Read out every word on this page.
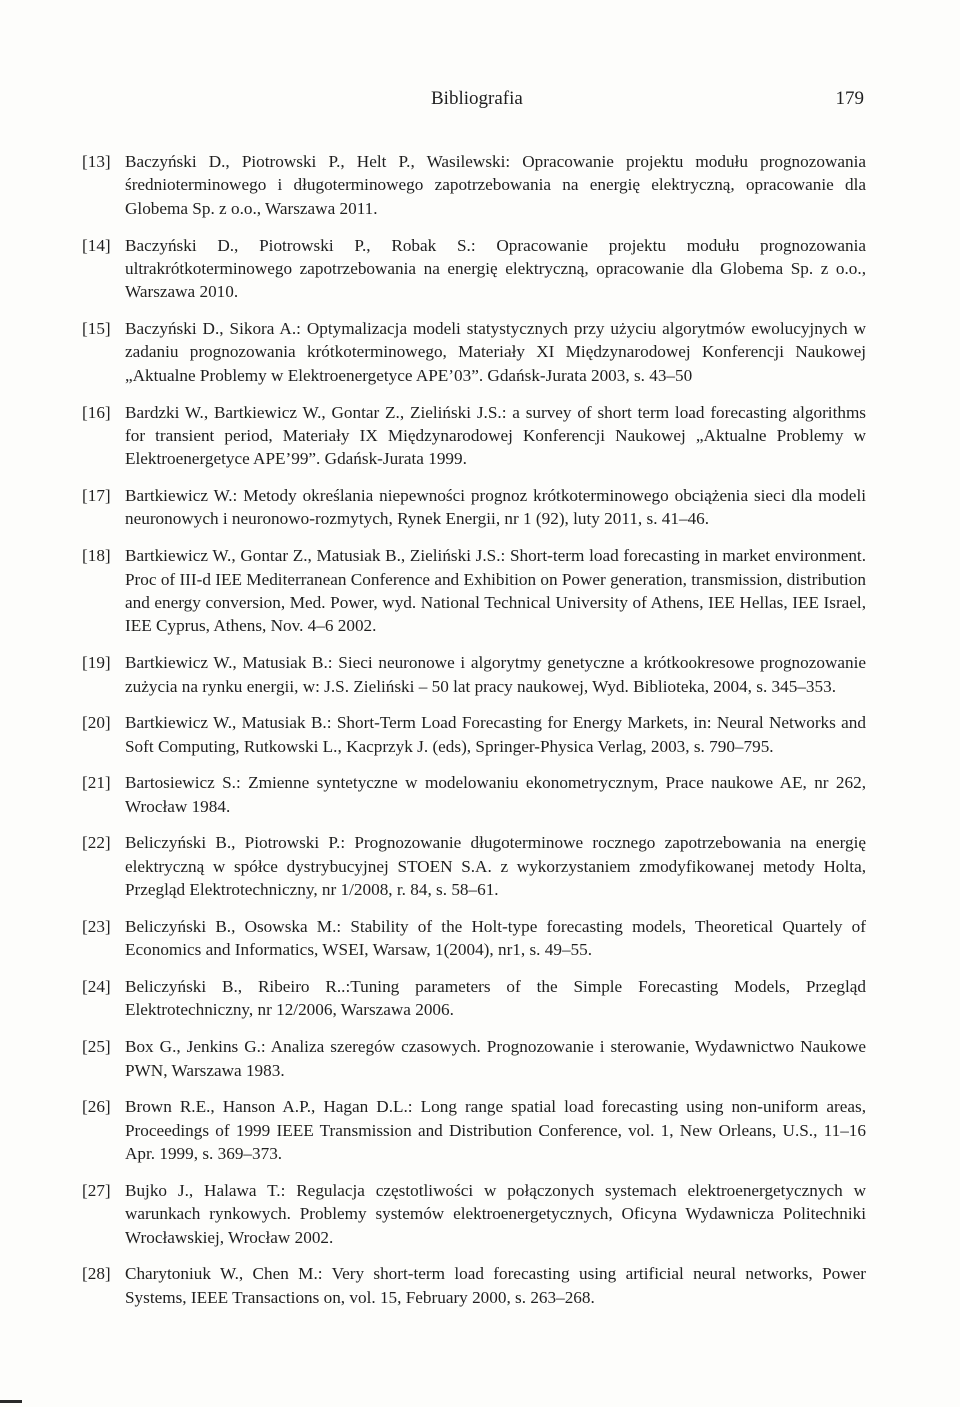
Bibliografia	179
[13] Baczyński D., Piotrowski P., Helt P., Wasilewski: Opracowanie projektu modułu prognozowania średnioterminowego i długoterminowego zapotrzebowania na energię elektryczną, opracowanie dla Globema Sp. z o.o., Warszawa 2011.
[14] Baczyński D., Piotrowski P., Robak S.: Opracowanie projektu modułu prognozowania ultrakrótkoterminowego zapotrzebowania na energię elektryczną, opracowanie dla Globema Sp. z o.o., Warszawa 2010.
[15] Baczyński D., Sikora A.: Optymalizacja modeli statystycznych przy użyciu algorytmów ewolucyjnych w zadaniu prognozowania krótkoterminowego, Materiały XI Międzynarodowej Konferencji Naukowej „Aktualne Problemy w Elektroenergetyce APE’03”. Gdańsk-Jurata 2003, s. 43–50
[16] Bardzki W., Bartkiewicz W., Gontar Z., Zieliński J.S.: a survey of short term load forecasting algorithms for transient period, Materiały IX Międzynarodowej Konferencji Naukowej „Aktualne Problemy w Elektroenergetyce APE’99”. Gdańsk-Jurata 1999.
[17] Bartkiewicz W.: Metody określania niepewności prognoz krótkoterminowego obciążenia sieci dla modeli neuronowych i neuronowo-rozmytych, Rynek Energii, nr 1 (92), luty 2011, s. 41–46.
[18] Bartkiewicz W., Gontar Z., Matusiak B., Zieliński J.S.: Short-term load forecasting in market environment. Proc of III-d IEE Mediterranean Conference and Exhibition on Power generation, transmission, distribution and energy conversion, Med. Power, wyd. National Technical University of Athens, IEE Hellas, IEE Israel, IEE Cyprus, Athens, Nov. 4–6 2002.
[19] Bartkiewicz W., Matusiak B.: Sieci neuronowe i algorytmy genetyczne a krótkookresowe prognozowanie zużycia na rynku energii, w: J.S. Zieliński – 50 lat pracy naukowej, Wyd. Biblioteka, 2004, s. 345–353.
[20] Bartkiewicz W., Matusiak B.: Short-Term Load Forecasting for Energy Markets, in: Neural Networks and Soft Computing, Rutkowski L., Kacprzyk J. (eds), Springer-Physica Verlag, 2003, s. 790–795.
[21] Bartosiewicz S.: Zmienne syntetyczne w modelowaniu ekonometrycznym, Prace naukowe AE, nr 262, Wrocław 1984.
[22] Beliczyński B., Piotrowski P.: Prognozowanie długoterminowe rocznego zapotrzebowania na energię elektryczną w spółce dystrybucyjnej STOEN S.A. z wykorzystaniem zmodyfikowanej metody Holta, Przegląd Elektrotechniczny, nr 1/2008, r. 84, s. 58–61.
[23] Beliczyński B., Osowska M.: Stability of the Holt-type forecasting models, Theoretical Quartely of Economics and Informatics, WSEI, Warsaw, 1(2004), nr1, s. 49–55.
[24] Beliczyński B., Ribeiro R..:Tuning parameters of the Simple Forecasting Models, Przegląd Elektrotechniczny, nr 12/2006, Warszawa 2006.
[25] Box G., Jenkins G.: Analiza szeregów czasowych. Prognozowanie i sterowanie, Wydawnictwo Naukowe PWN, Warszawa 1983.
[26] Brown R.E., Hanson A.P., Hagan D.L.: Long range spatial load forecasting using non-uniform areas, Proceedings of 1999 IEEE Transmission and Distribution Conference, vol. 1, New Orleans, U.S., 11–16 Apr. 1999, s. 369–373.
[27] Bujko J., Halawa T.: Regulacja częstotliwości w połączonych systemach elektroenergetycznych w warunkach rynkowych. Problemy systemów elektroenergetycznych, Oficyna Wydawnicza Politechniki Wrocławskiej, Wrocław 2002.
[28] Charytoniuk W., Chen M.: Very short-term load forecasting using artificial neural networks, Power Systems, IEEE Transactions on, vol. 15, February 2000, s. 263–268.
